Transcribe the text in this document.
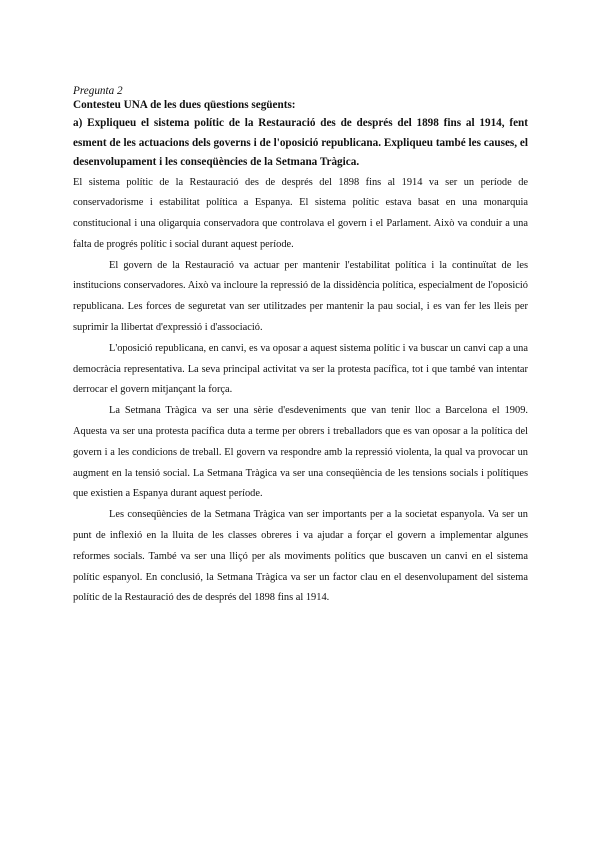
Pregunta 2

Contesteu UNA de les dues qüestions següents:

a) Expliqueu el sistema polític de la Restauració des de després del 1898 fins al 1914, fent esment de les actuacions dels governs i de l'oposició republicana. Expliqueu també les causes, el desenvolupament i les conseqüències de la Setmana Tràgica.

El sistema polític de la Restauració des de després del 1898 fins al 1914 va ser un període de conservadorisme i estabilitat política a Espanya. El sistema polític estava basat en una monarquia constitucional i una oligarquia conservadora que controlava el govern i el Parlament. Això va conduir a una falta de progrés polític i social durant aquest període.

El govern de la Restauració va actuar per mantenir l'estabilitat política i la continuïtat de les institucions conservadores. Això va incloure la repressió de la dissidència política, especialment de l'oposició republicana. Les forces de seguretat van ser utilitzades per mantenir la pau social, i es van fer les lleis per suprimir la llibertat d'expressió i d'associació.

L'oposició republicana, en canvi, es va oposar a aquest sistema polític i va buscar un canvi cap a una democràcia representativa. La seva principal activitat va ser la protesta pacífica, tot i que també van intentar derrocar el govern mitjançant la força.

La Setmana Tràgica va ser una sèrie d'esdeveniments que van tenir lloc a Barcelona el 1909. Aquesta va ser una protesta pacífica duta a terme per obrers i treballadors que es van oposar a la política del govern i a les condicions de treball. El govern va respondre amb la repressió violenta, la qual va provocar un augment en la tensió social. La Setmana Tràgica va ser una conseqüència de les tensions socials i polítiques que existien a Espanya durant aquest període.

Les conseqüències de la Setmana Tràgica van ser importants per a la societat espanyola. Va ser un punt de inflexió en la lluita de les classes obreres i va ajudar a forçar el govern a implementar algunes reformes socials. També va ser una lliçó per als moviments polítics que buscaven un canvi en el sistema polític espanyol. En conclusió, la Setmana Tràgica va ser un factor clau en el desenvolupament del sistema polític de la Restauració des de després del 1898 fins al 1914.
